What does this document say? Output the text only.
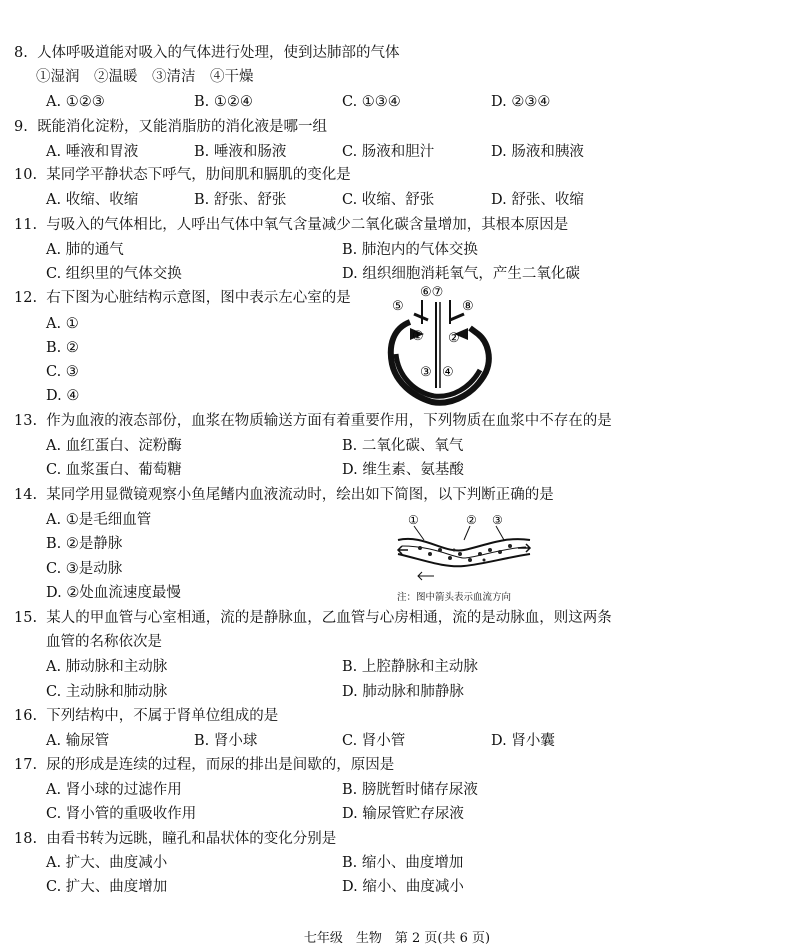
8. 人体呼吸道能对吸入的气体进行处理，使到达肺部的气体
①湿润　②温暖　③清洁　④干燥
A. ①②③	B. ①②④	C. ①③④	D. ②③④
9. 既能消化淀粉，又能消脂肪的消化液是哪一组
A. 唾液和胃液	B. 唾液和肠液	C. 肠液和胆汁	D. 肠液和胰液
10. 某同学平静状态下呼气，肋间肌和膈肌的变化是
A. 收缩、收缩	B. 舒张、舒张	C. 收缩、舒张	D. 舒张、收缩
11. 与吸入的气体相比，人呼出气体中氧气含量减少二氧化碳含量增加，其根本原因是
A. 肺的通气	B. 肺泡内的气体交换
C. 组织里的气体交换	D. 组织细胞消耗氧气，产生二氧化碳
12. 右下图为心脏结构示意图，图中表示左心室的是
A. ①
B. ②
C. ③
D. ④
⑤
⑥⑦
⑧
① ②
③ ④
13. 作为血液的液态部份，血浆在物质输送方面有着重要作用，下列物质在血浆中不存在的是
A. 血红蛋白、淀粉酶	B. 二氧化碳、氧气
C. 血浆蛋白、葡萄糖	D. 维生素、氨基酸
14. 某同学用显微镜观察小鱼尾鳍内血液流动时，绘出如下简图，以下判断正确的是
A. ①是毛细血管
B. ②是静脉
C. ③是动脉
D. ②处血流速度最慢
①	② ③
注：图中箭头表示血流方向
15. 某人的甲血管与心室相通，流的是静脉血，乙血管与心房相通，流的是动脉血，则这两条
血管的名称依次是
A. 肺动脉和主动脉	B. 上腔静脉和主动脉
C. 主动脉和肺动脉	D. 肺动脉和肺静脉
16. 下列结构中，不属于肾单位组成的是
A. 输尿管	B. 肾小球	C. 肾小管	D. 肾小囊
17. 尿的形成是连续的过程，而尿的排出是间歇的，原因是
A. 肾小球的过滤作用	B. 膀胱暂时储存尿液
C. 肾小管的重吸收作用	D. 输尿管贮存尿液
18. 由看书转为远眺，瞳孔和晶状体的变化分别是
A. 扩大、曲度减小	B. 缩小、曲度增加
C. 扩大、曲度增加	D. 缩小、曲度减小
七年级　生物　第 2 页(共 6 页)
